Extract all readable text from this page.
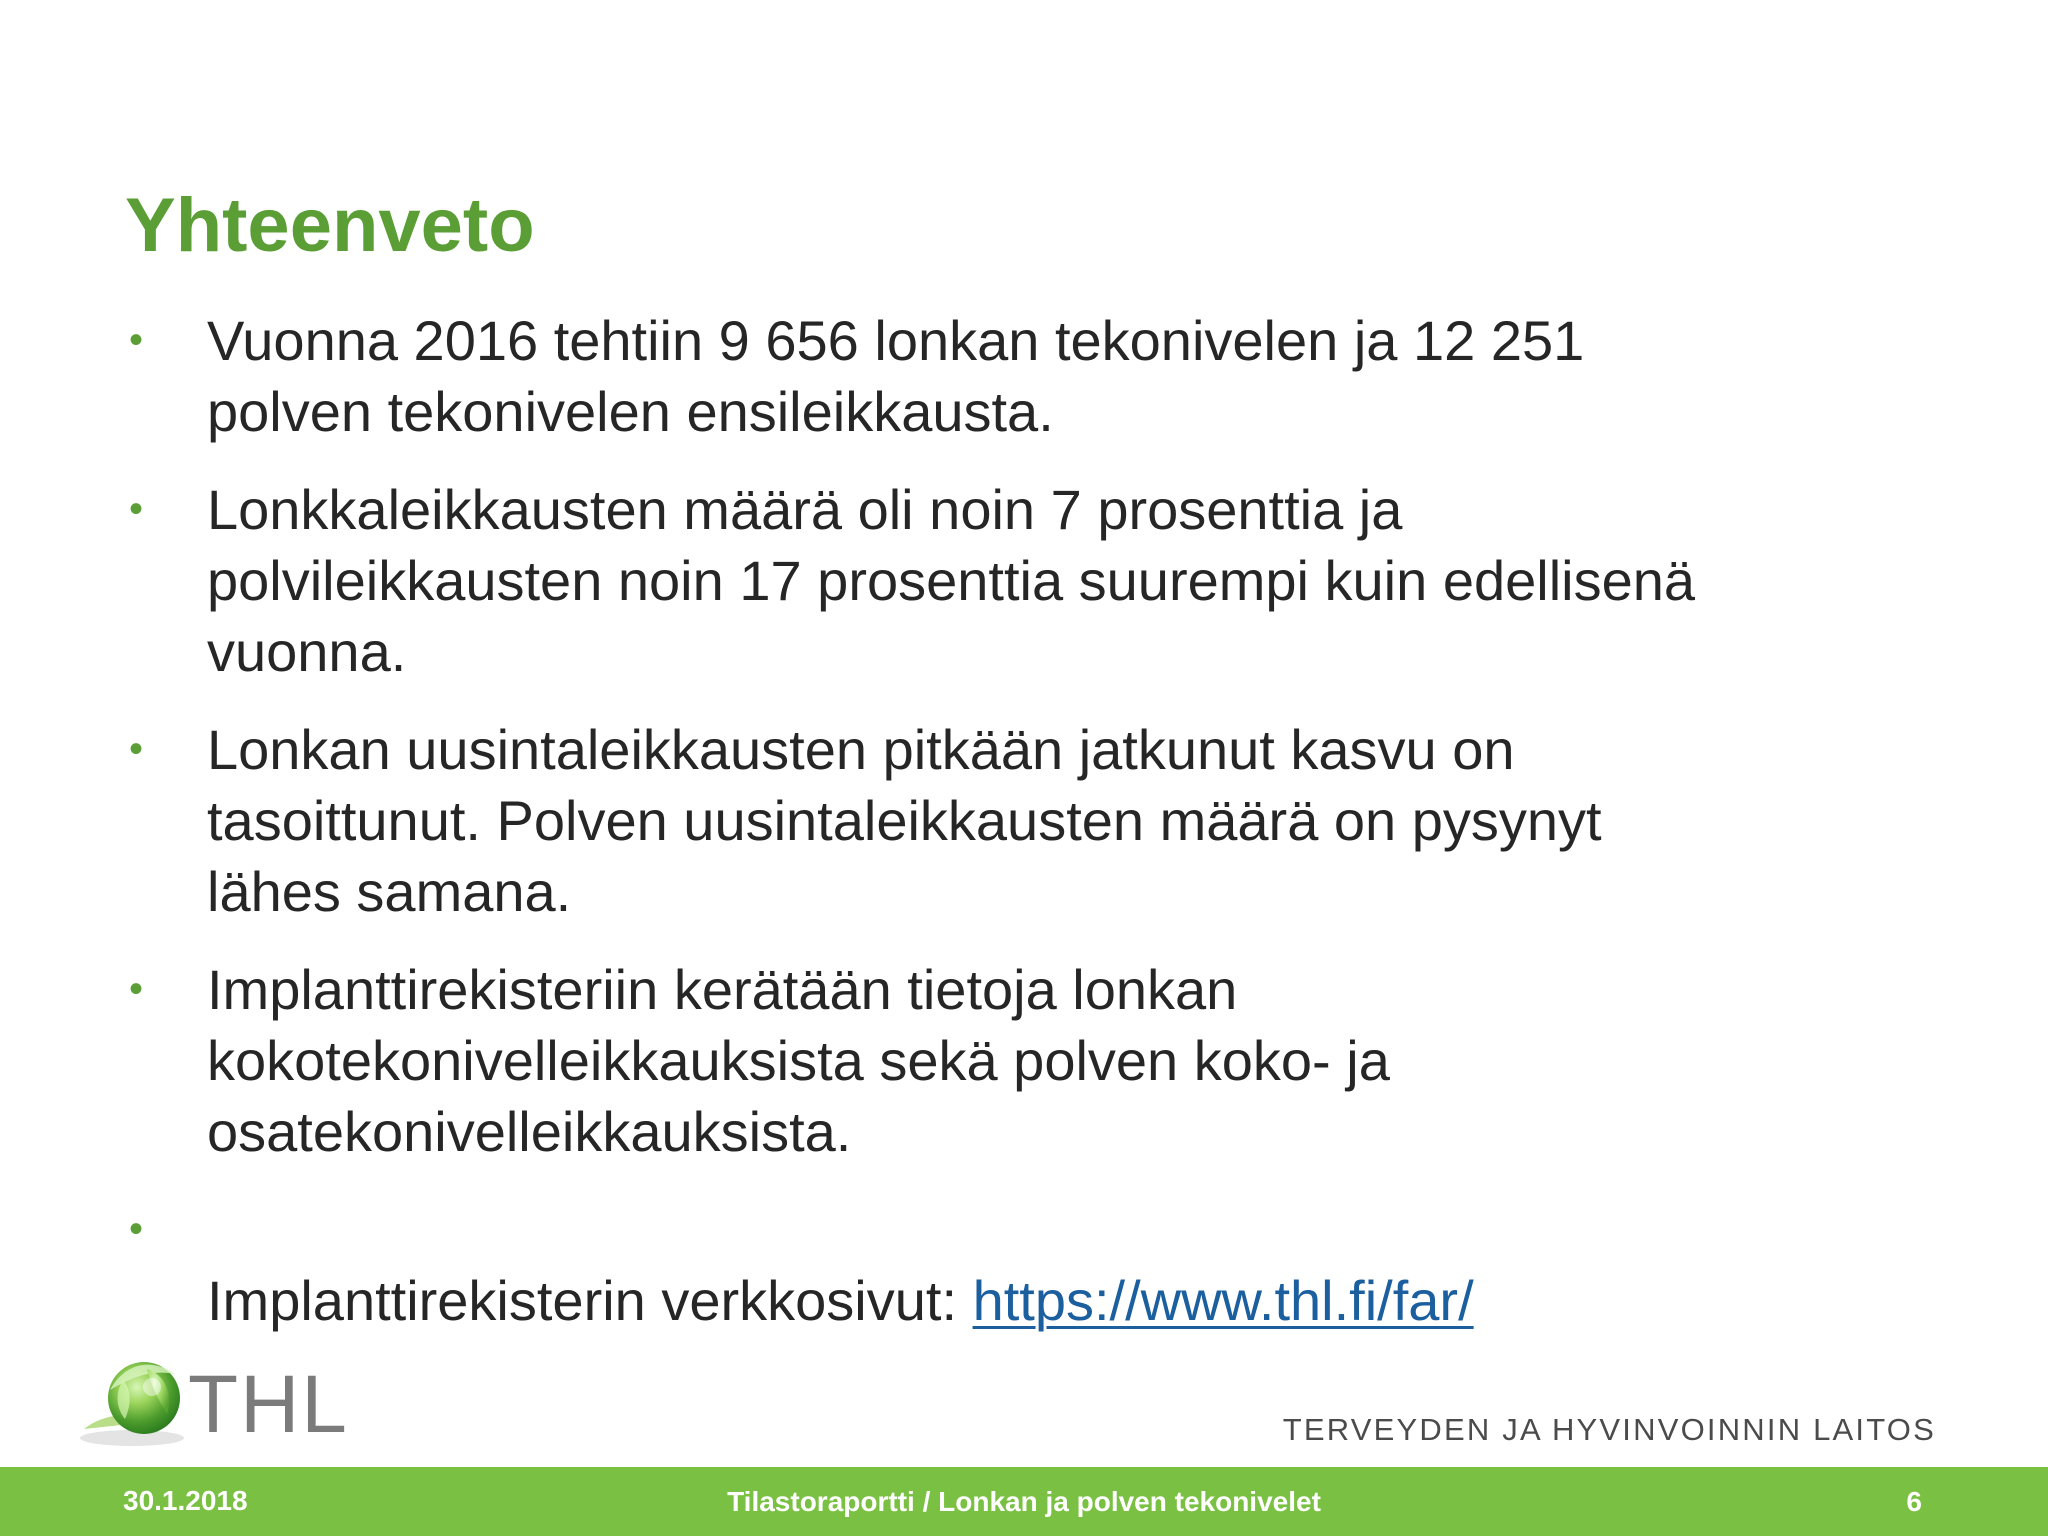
Yhteenveto
•	Vuonna 2016 tehtiin 9 656 lonkan tekonivelen ja 12 251
polven tekonivelen ensileikkausta.
•	Lonkkaleikkausten määrä oli noin 7 prosenttia ja
polvileikkausten noin 17 prosenttia suurempi kuin edellisenä
vuonna.
•	Lonkan uusintaleikkausten pitkään jatkunut kasvu on
tasoittunut. Polven uusintaleikkausten määrä on pysynyt
lähes samana.
•	Implanttirekisteriin kerätään tietoja lonkan
kokotekonivelleikkauksista sekä polven koko- ja
osatekonivelleikkauksista.
•

Implanttirekisterin verkkosivut: https://www.thl.fi/far/

THL	TERVEYDEN JA HYVINVOINNIN LAITOS
30.1.2018	Tilastoraportti / Lonkan ja polven tekonivelet	6
